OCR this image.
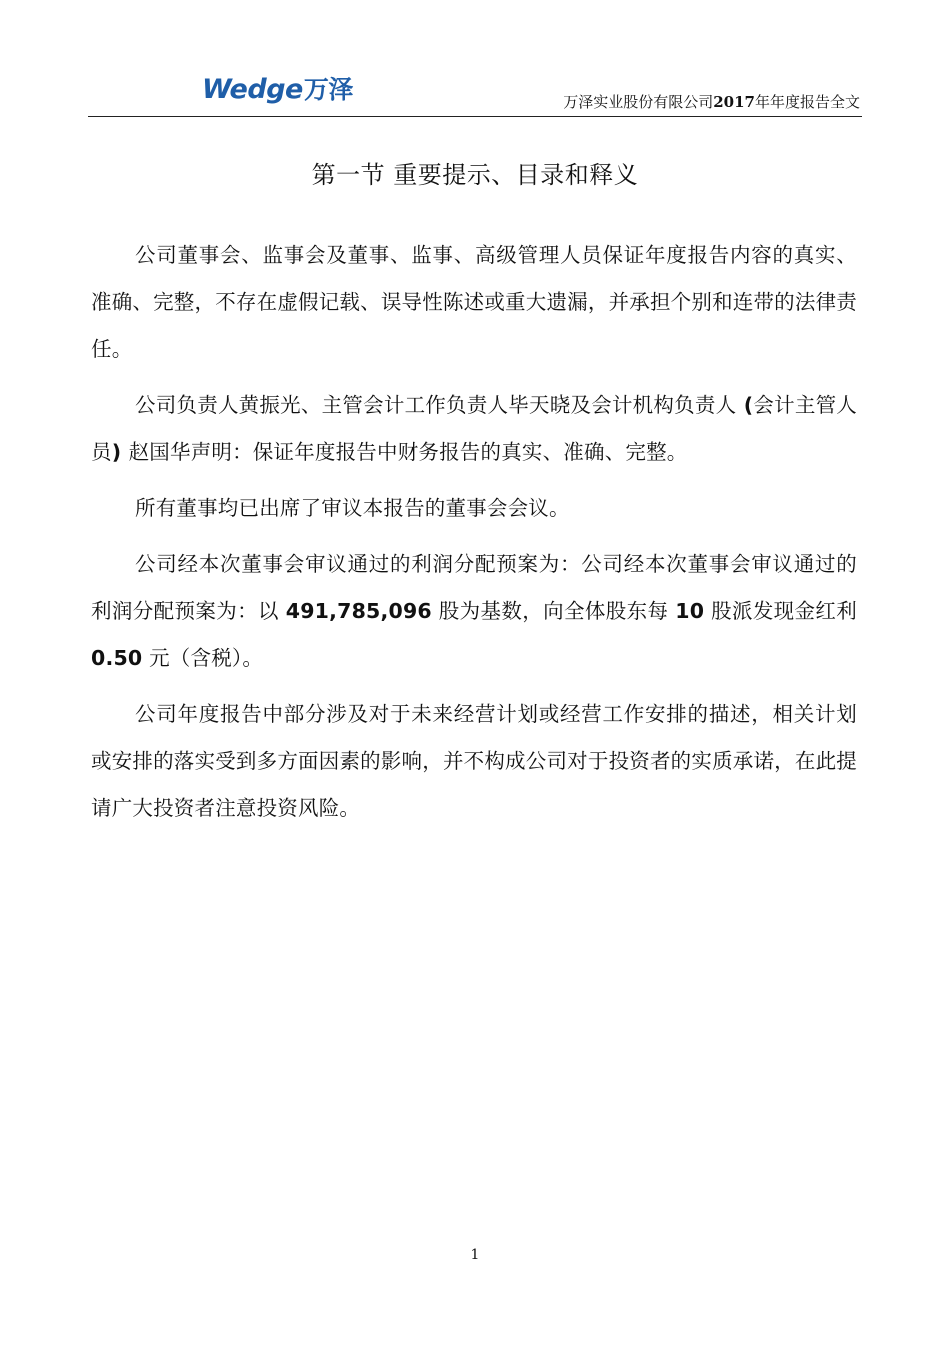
Wedge 万泽	万泽实业股份有限公司2017年年度报告全文
第一节 重要提示、目录和释义

公司董事会、监事会及董事、监事、高级管理人员保证年度报告内容的真实、准确、完整，不存在虚假记载、误导性陈述或重大遗漏，并承担个别和连带的法律责任。

公司负责人黄振光、主管会计工作负责人毕天晓及会计机构负责人 (会计主管人员) 赵国华声明：保证年度报告中财务报告的真实、准确、完整。

所有董事均已出席了审议本报告的董事会会议。

公司经本次董事会审议通过的利润分配预案为：公司经本次董事会审议通过的利润分配预案为：以 491,785,096 股为基数，向全体股东每 10 股派发现金红利 0.50 元（含税）。

公司年度报告中部分涉及对于未来经营计划或经营工作安排的描述，相关计划或安排的落实受到多方面因素的影响，并不构成公司对于投资者的实质承诺，在此提请广大投资者注意投资风险。

1
